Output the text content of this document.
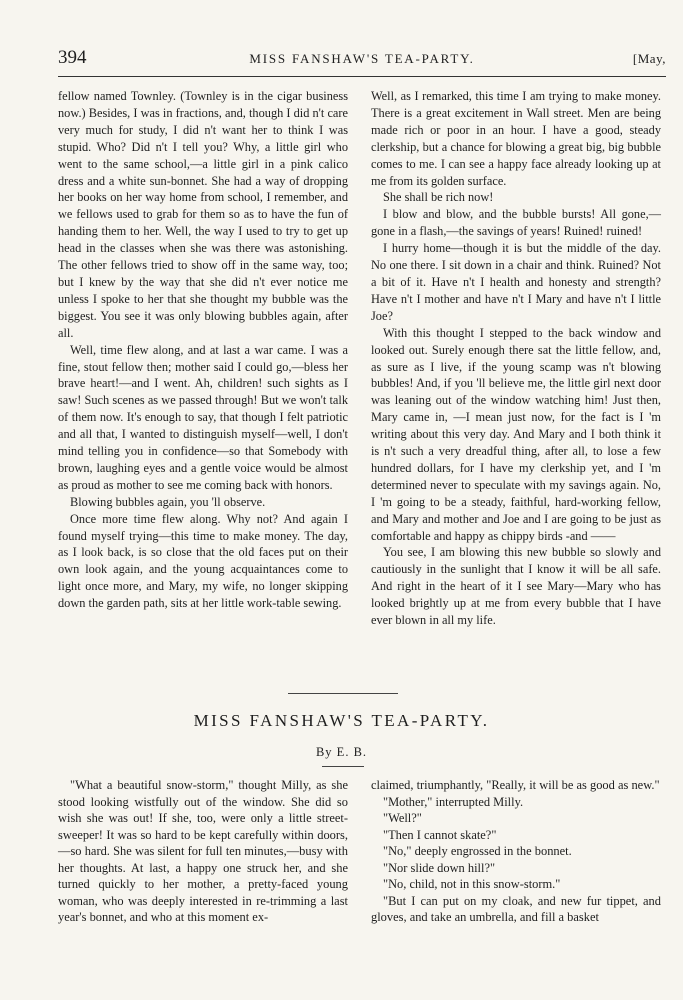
394	MISS FANSHAW'S TEA-PARTY.	[May,

fellow named Townley. (Townley is in the cigar business now.) Besides, I was in fractions, and, though I did n't care very much for study, I did n't want her to think I was stupid. Who? Did n't I tell you? Why, a little girl who went to the same school,—a little girl in a pink calico dress and a white sun-bonnet. She had a way of dropping her books on her way home from school, I remember, and we fellows used to grab for them so as to have the fun of handing them to her. Well, the way I used to try to get up head in the classes when she was there was astonishing. The other fellows tried to show off in the same way, too; but I knew by the way that she did n't ever notice me unless I spoke to her that she thought my bubble was the biggest. You see it was only blowing bubbles again, after all.

Well, time flew along, and at last a war came. I was a fine, stout fellow then; mother said I could go,—bless her brave heart!—and I went. Ah, children! such sights as I saw! Such scenes as we passed through! But we won't talk of them now. It's enough to say, that though I felt patriotic and all that, I wanted to distinguish myself—well, I don't mind telling you in confidence—so that Somebody with brown, laughing eyes and a gentle voice would be almost as proud as mother to see me coming back with honors.

Blowing bubbles again, you 'll observe.

Once more time flew along. Why not? And again I found myself trying—this time to make money. The day, as I look back, is so close that the old faces put on their own look again, and the young acquaintances come to light once more, and Mary, my wife, no longer skipping down the garden path, sits at her little work-table sewing.

Well, as I remarked, this time I am trying to make money. There is a great excitement in Wall street. Men are being made rich or poor in an hour. I have a good, steady clerkship, but a chance for blowing a great big, big bubble comes to me. I can see a happy face already looking up at me from its golden surface.

She shall be rich now!

I blow and blow, and the bubble bursts! All gone,—gone in a flash,—the savings of years! Ruined! ruined!

I hurry home—though it is but the middle of the day. No one there. I sit down in a chair and think. Ruined? Not a bit of it. Have n't I health and honesty and strength? Have n't I mother and have n't I Mary and have n't I little Joe?

With this thought I stepped to the back window and looked out. Surely enough there sat the little fellow, and, as sure as I live, if the young scamp was n't blowing bubbles! And, if you 'll believe me, the little girl next door was leaning out of the window watching him! Just then, Mary came in, —I mean just now, for the fact is I 'm writing about this very day. And Mary and I both think it is n't such a very dreadful thing, after all, to lose a few hundred dollars, for I have my clerkship yet, and I 'm determined never to speculate with my savings again. No, I 'm going to be a steady, faithful, hard-working fellow, and Mary and mother and Joe and I are going to be just as comfortable and happy as chippy birds -and ——

You see, I am blowing this new bubble so slowly and cautiously in the sunlight that I know it will be all safe. And right in the heart of it I see Mary—Mary who has looked brightly up at me from every bubble that I have ever blown in all my life.

MISS FANSHAW'S TEA-PARTY.
By E. B.

"What a beautiful snow-storm," thought Milly, as she stood looking wistfully out of the window. She did so wish she was out! If she, too, were only a little street-sweeper! It was so hard to be kept carefully within doors,—so hard. She was silent for full ten minutes,—busy with her thoughts. At last, a happy one struck her, and she turned quickly to her mother, a pretty-faced young woman, who was deeply interested in re-trimming a last year's bonnet, and who at this moment ex-

claimed, triumphantly, "Really, it will be as good as new."

"Mother," interrupted Milly.

"Well?"

"Then I cannot skate?"

"No," deeply engrossed in the bonnet.

"Nor slide down hill?"

"No, child, not in this snow-storm."

"But I can put on my cloak, and new fur tippet, and gloves, and take an umbrella, and fill a basket
